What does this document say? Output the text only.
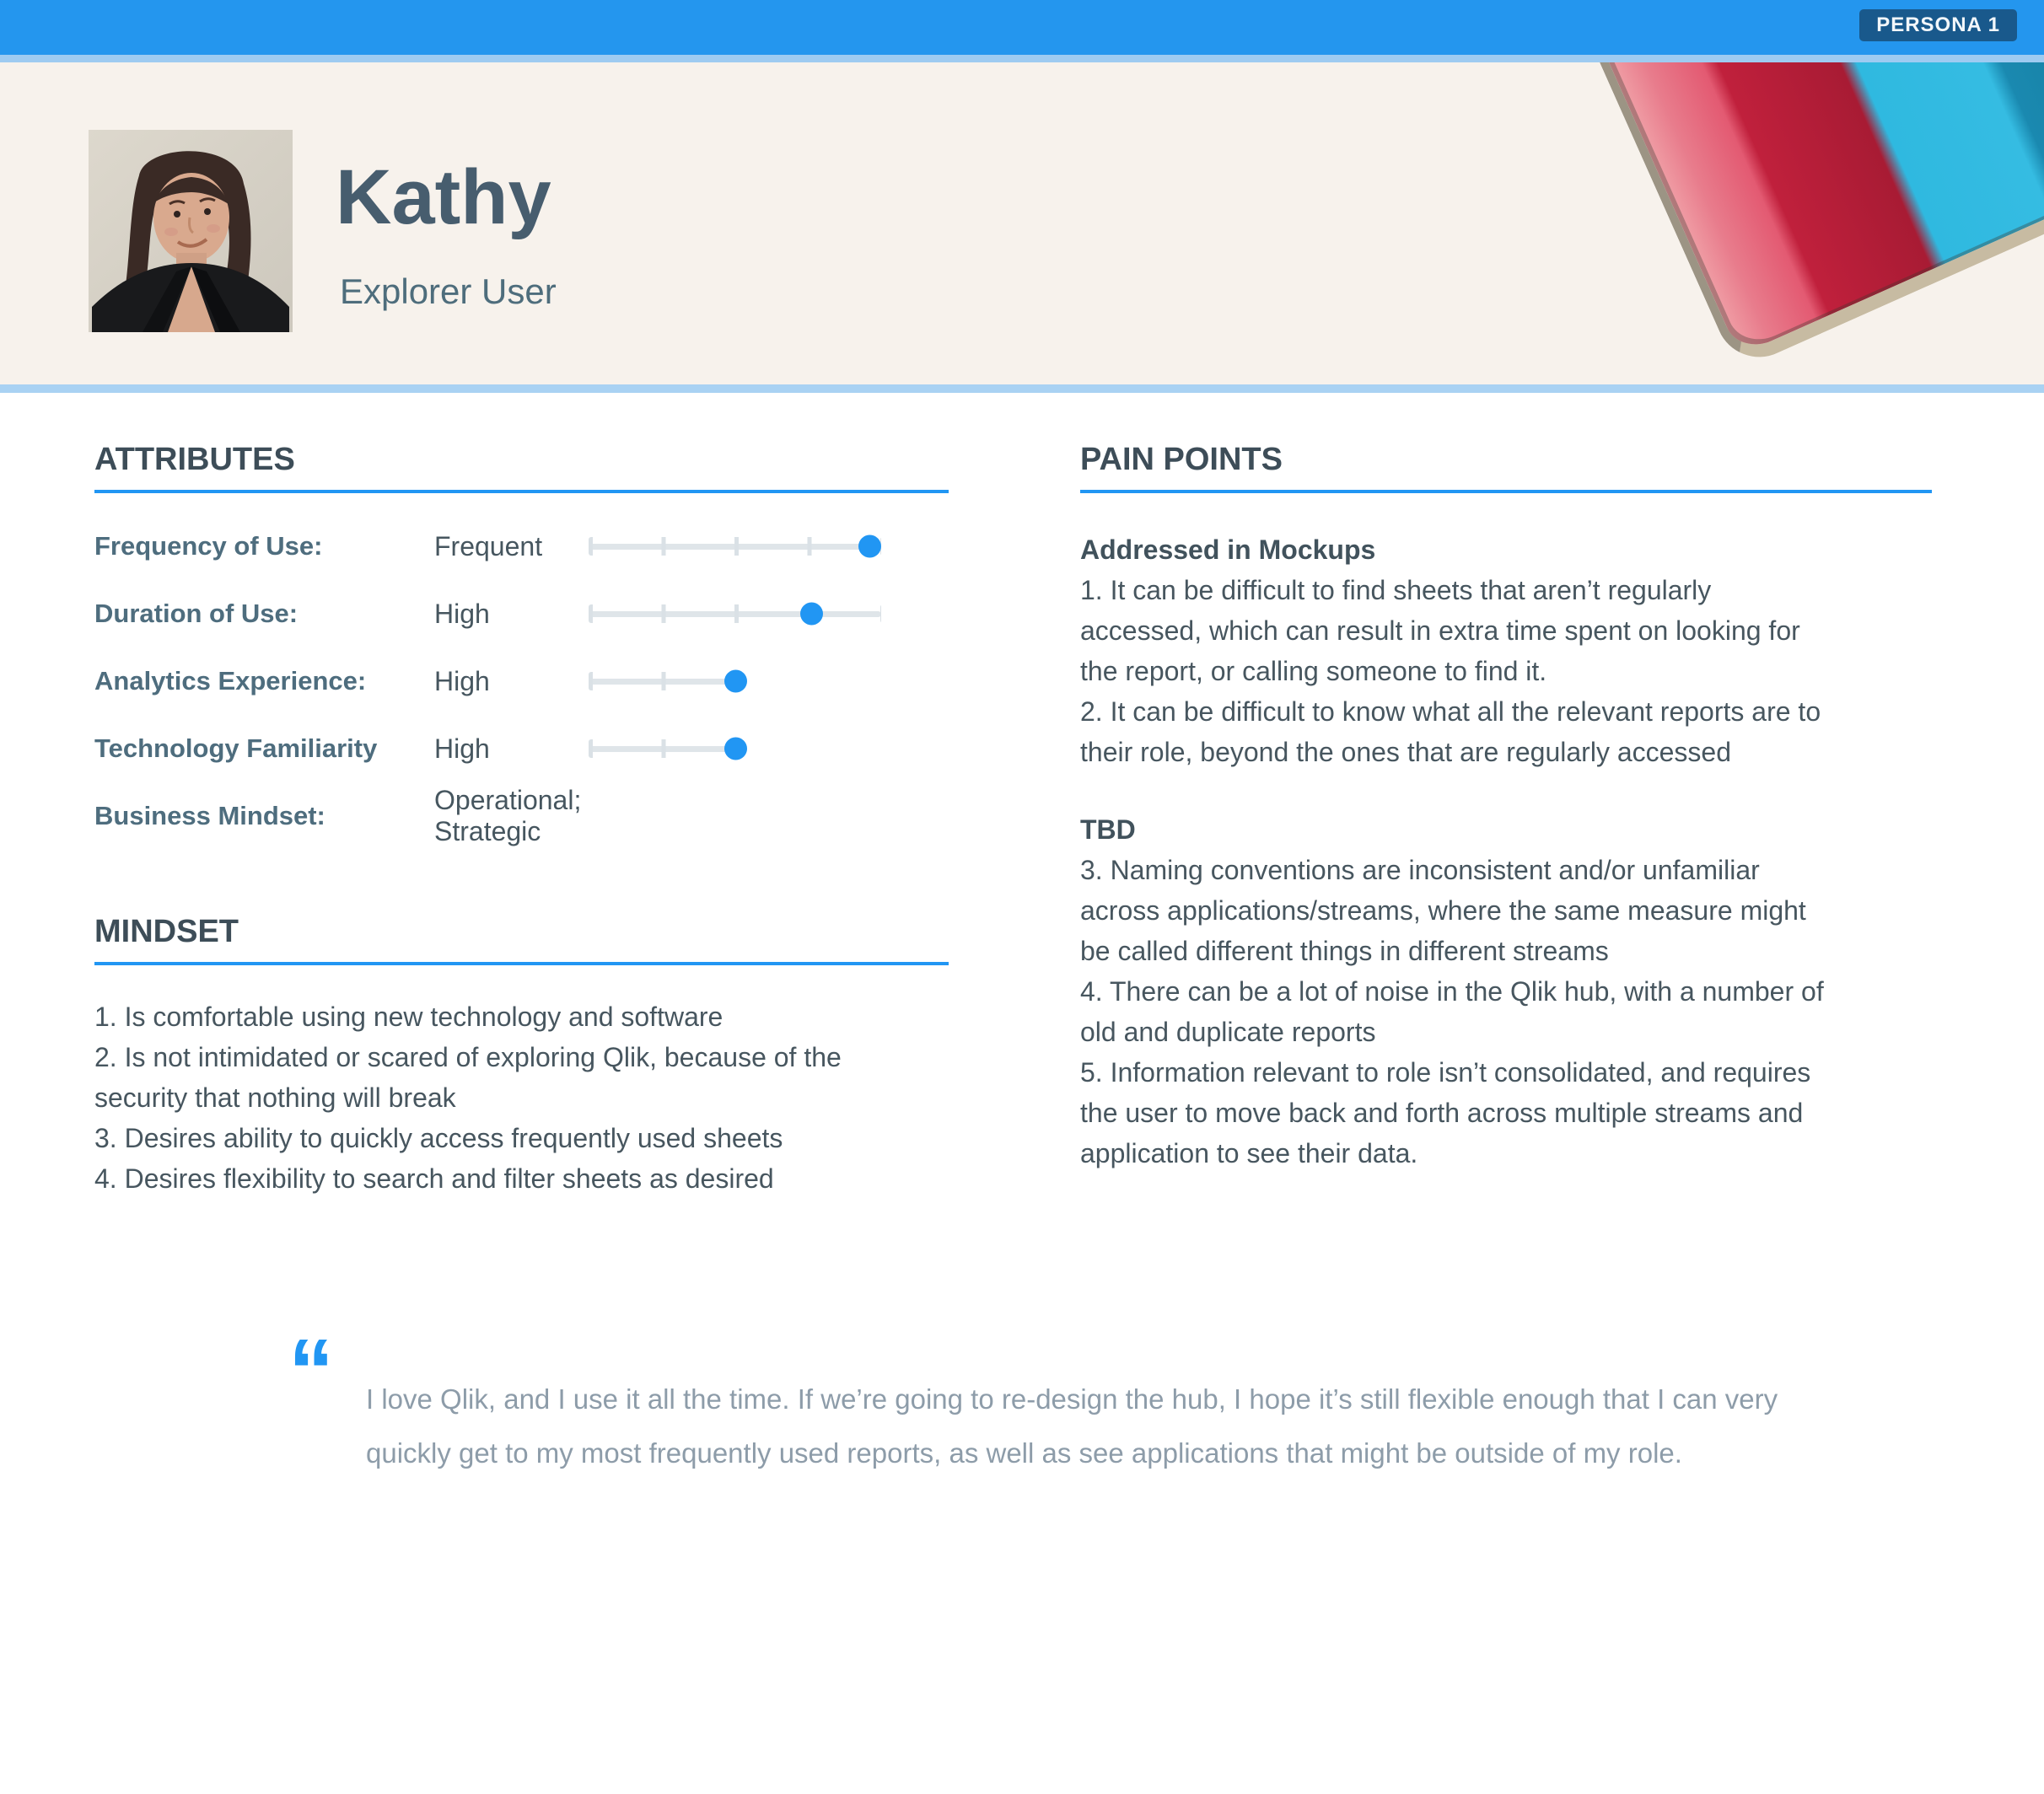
PERSONA 1
Kathy
Explorer User
ATTRIBUTES
Frequency of Use:	Frequent
Duration of Use:	High
Analytics Experience:	High
Technology Familiarity	High
Business Mindset:
Operational; Strategic
MINDSET

1. Is comfortable using new technology and software

2. Is not intimidated or scared of exploring Qlik, because of the security that nothing will break

3. Desires ability to quickly access frequently used sheets

4. Desires flexibility to search and filter sheets as desired

PAIN POINTS

Addressed in Mockups

1. It can be difficult to find sheets that aren’t regularly accessed, which can result in extra time spent on looking for the report, or calling someone to find it.

2. It can be difficult to know what all the relevant reports are to their role, beyond the ones that are regularly accessed

TBD

3. Naming conventions are inconsistent and/or unfamiliar across applications/streams, where the same measure might be called different things in different streams

4. There can be a lot of noise in the Qlik hub, with a number of old and duplicate reports

5. Information relevant to role isn’t consolidated, and requires the user to move back and forth across multiple streams and application to see their data.

“ I love Qlik, and I use it all the time. If we’re going to re-design the hub, I hope it’s still flexible enough that I can very quickly get to my most frequently used reports, as well as see applications that might be outside of my role.
